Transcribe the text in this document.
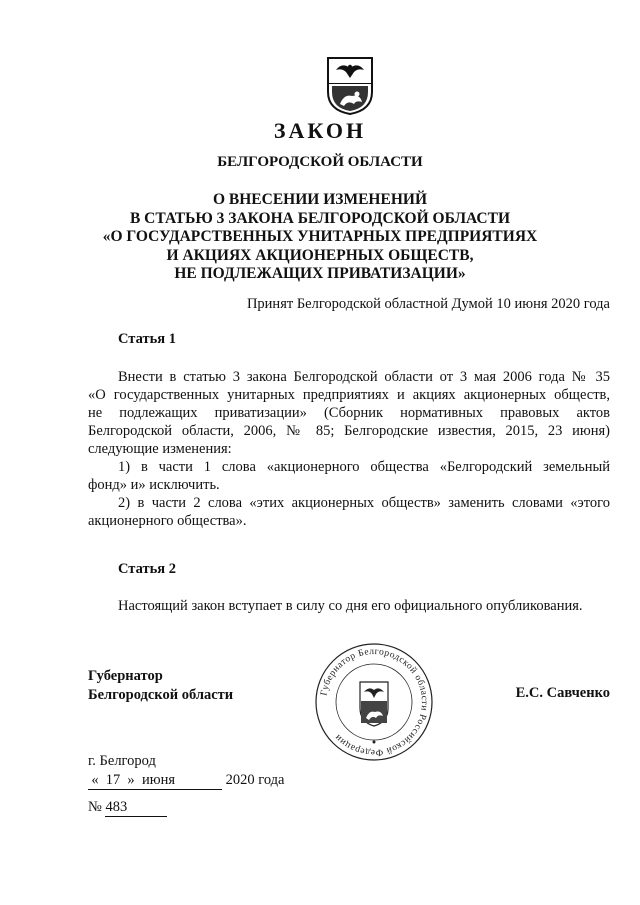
ЗАКОН
БЕЛГОРОДСКОЙ ОБЛАСТИ
О ВНЕСЕНИИ ИЗМЕНЕНИЙ
В СТАТЬЮ 3 ЗАКОНА БЕЛГОРОДСКОЙ ОБЛАСТИ
«О ГОСУДАРСТВЕННЫХ УНИТАРНЫХ ПРЕДПРИЯТИЯХ
И АКЦИЯХ АКЦИОНЕРНЫХ ОБЩЕСТВ,
НЕ ПОДЛЕЖАЩИХ ПРИВАТИЗАЦИИ»
Принят Белгородской областной Думой 10 июня 2020 года
Статья 1
Внести в статью 3 закона Белгородской области от 3 мая 2006 года № 35
«О государственных унитарных предприятиях и акциях акционерных обществ,
не подлежащих приватизации» (Сборник нормативных правовых актов
Белгородской области, 2006, № 85; Белгородские известия, 2015, 23 июня)
следующие изменения:
1) в части 1 слова «акционерного общества «Белгородский земельный
фонд» и» исключить.
2) в части 2 слова «этих акционерных обществ» заменить словами «этого
акционерного общества».
Статья 2
Настоящий закон вступает в силу со дня его официального опубликования.
Губернатор
Белгородской области	Губернатор Белгородской области Российской Федерации
Е.С. Савченко
г. Белгород
« 17 » июня	2020 года
№ 483
